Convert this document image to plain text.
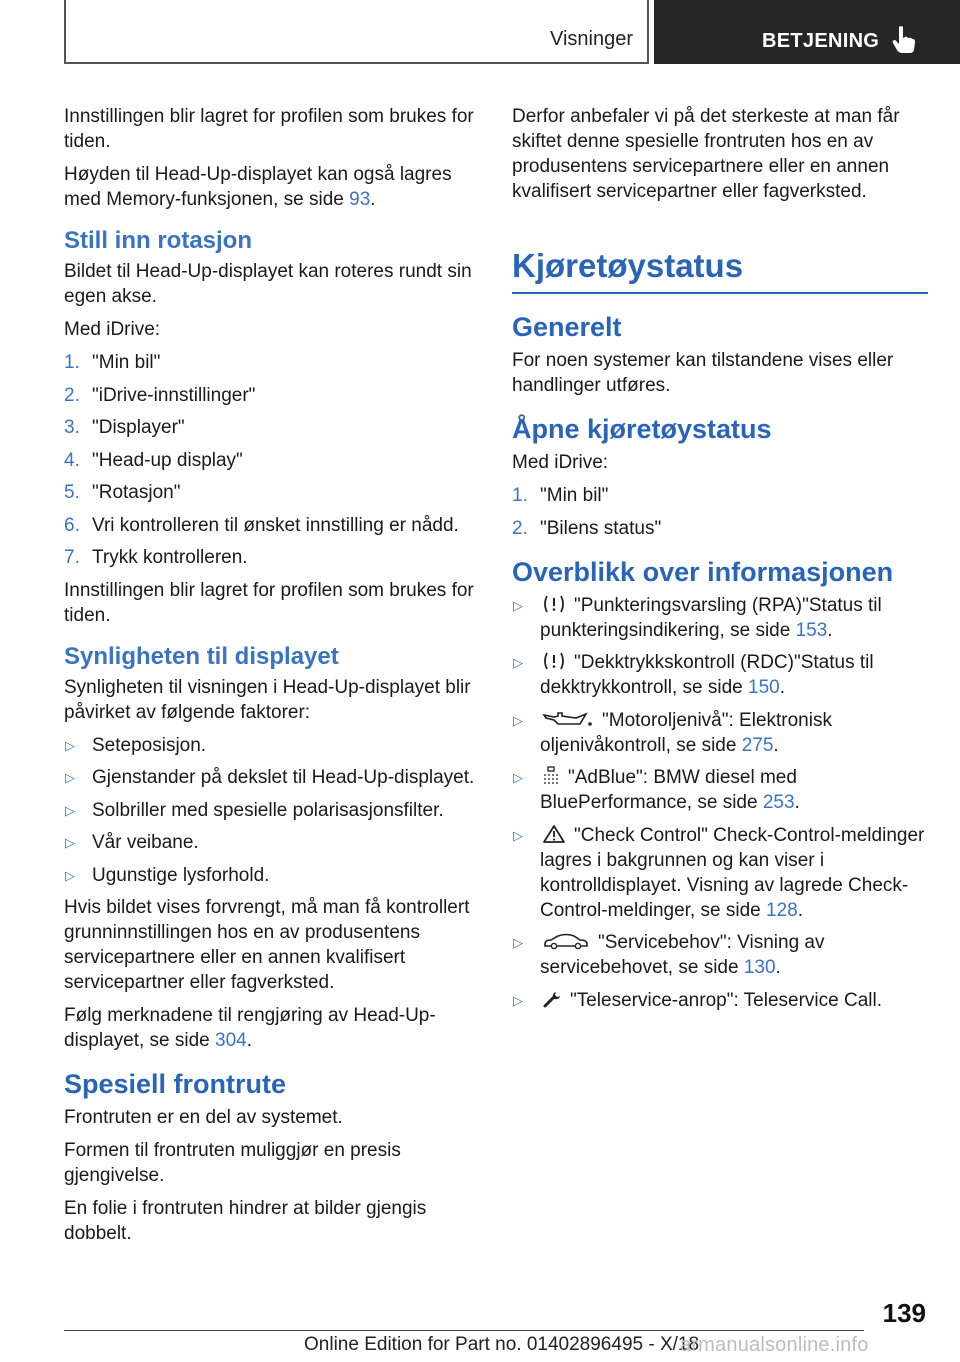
Visninger	BETJENING

Innstillingen blir lagret for profilen som brukes for tiden.

Høyden til Head-Up-displayet kan også lagres med Memory-funksjonen, se side 93.

Still inn rotasjon

Bildet til Head-Up-displayet kan roteres rundt sin egen akse.

Med iDrive:

1. "Min bil"
2. "iDrive-innstillinger"
3. "Displayer"
4. "Head-up display"
5. "Rotasjon"
6. Vri kontrolleren til ønsket innstilling er nådd.
7. Trykk kontrolleren.

Innstillingen blir lagret for profilen som brukes for tiden.

Synligheten til displayet

Synligheten til visningen i Head-Up-displayet blir påvirket av følgende faktorer:

▷ Seteposisjon.
▷ Gjenstander på dekslet til Head-Up-displayet.
▷ Solbriller med spesielle polarisasjonsfilter.
▷ Vår veibane.
▷ Ugunstige lysforhold.

Hvis bildet vises forvrengt, må man få kontrollert grunninnstillingen hos en av produsentens servicepartnere eller en annen kvalifisert servicepartner eller fagverksted.

Følg merknadene til rengjøring av Head-Up-displayet, se side 304.

Spesiell frontrute

Frontruten er en del av systemet.

Formen til frontruten muliggjør en presis gjengivelse.

En folie i frontruten hindrer at bilder gjengis dobbelt.

Derfor anbefaler vi på det sterkeste at man får skiftet denne spesielle frontruten hos en av produsentens servicepartnere eller en annen kvalifisert servicepartner eller fagverksted.

Kjøretøystatus
Generelt

For noen systemer kan tilstandene vises eller handlinger utføres.

Åpne kjøretøystatus

Med iDrive:

1. "Min bil"
2. "Bilens status"
Overblikk over informasjonen
▷	"Punkteringsvarsling (RPA)"Status til punkteringsindikering, se side 153.
▷	"Dekktrykkskontroll (RDC)"Status til dekktrykkontroll, se side 150.
▷	"Motoroljenivå": Elektronisk oljenivåkontroll, se side 275.
▷ "AdBlue": BMW diesel med BluePerformance, se side 253.
▷	"Check Control" Check-Control-meldinger lagres i bakgrunnen og kan viser i kontrolldisplayet. Visning av lagrede Check-Control-meldinger, se side 128.
▷	"Servicebehov": Visning av servicebehovet, se side 130.
▷ "Teleservice-anrop": Teleservice Call.
139
Online Edition for Part no. 01402896495 - X/18
armanualsonline.info
